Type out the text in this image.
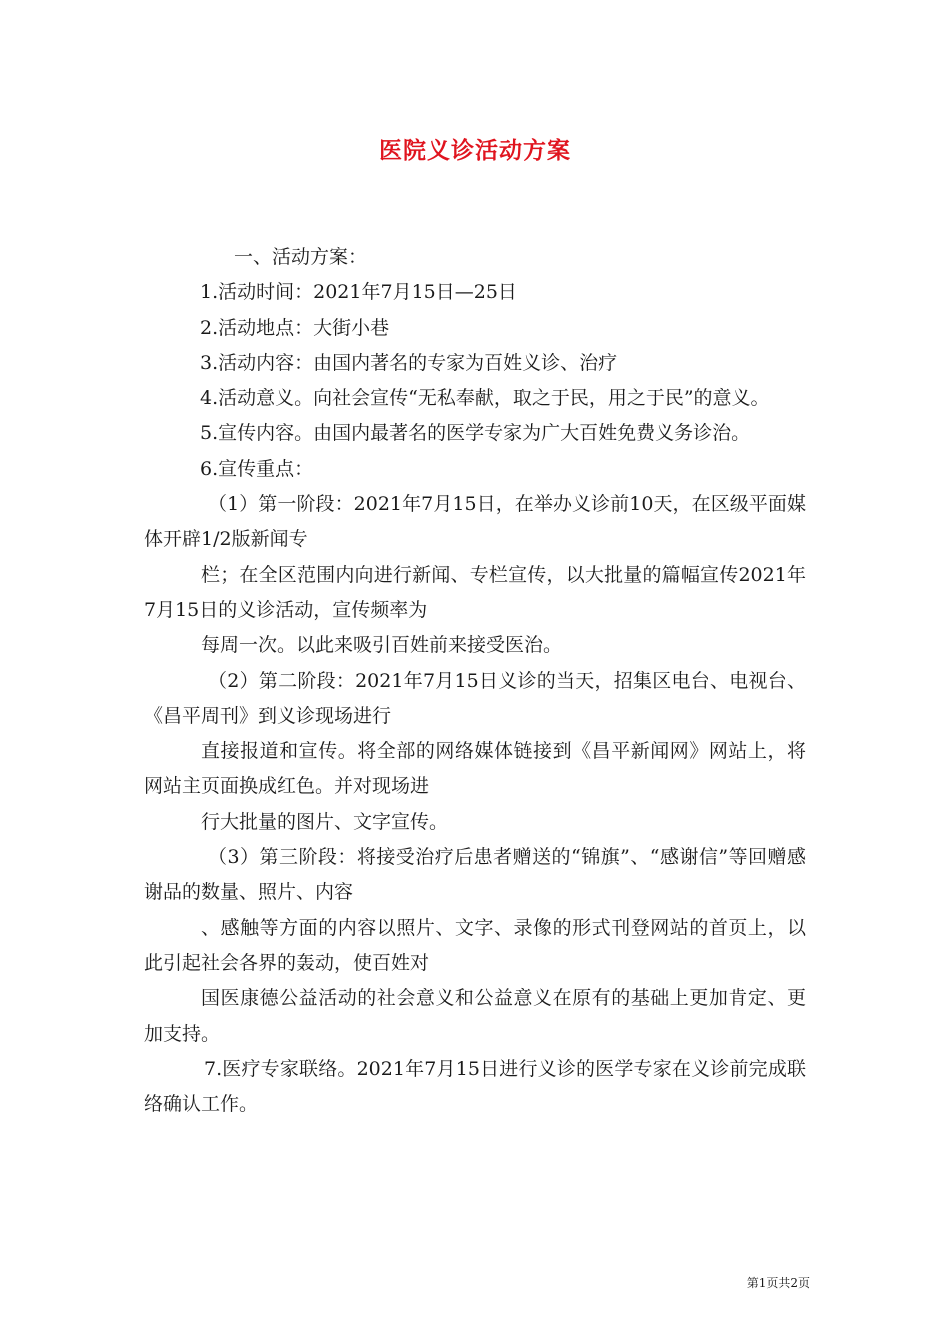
医院义诊活动方案

一、活动方案：

1.活动时间：2021年7月15日—25日

2.活动地点：大街小巷

3.活动内容：由国内著名的专家为百姓义诊、治疗

4.活动意义。向社会宣传“无私奉献，取之于民，用之于民”的意义。

5.宣传内容。由国内最著名的医学专家为广大百姓免费义务诊治。

6.宣传重点：

（1）第一阶段：2021年7月15日，在举办义诊前10天，在区级平面媒体开辟1/2版新闻专

栏；在全区范围内向进行新闻、专栏宣传，以大批量的篇幅宣传2021年7月15日的义诊活动，宣传频率为

每周一次。以此来吸引百姓前来接受医治。

（2）第二阶段：2021年7月15日义诊的当天，招集区电台、电视台、《昌平周刊》到义诊现场进行

直接报道和宣传。将全部的网络媒体链接到《昌平新闻网》网站上，将网站主页面换成红色。并对现场进

行大批量的图片、文字宣传。

（3）第三阶段：将接受治疗后患者赠送的“锦旗”、“感谢信”等回赠感谢品的数量、照片、内容

、感触等方面的内容以照片、文字、录像的形式刊登网站的首页上，以此引起社会各界的轰动，使百姓对

国医康德公益活动的社会意义和公益意义在原有的基础上更加肯定、更加支持。

7.医疗专家联络。2021年7月15日进行义诊的医学专家在义诊前完成联络确认工作。

第1页共2页
